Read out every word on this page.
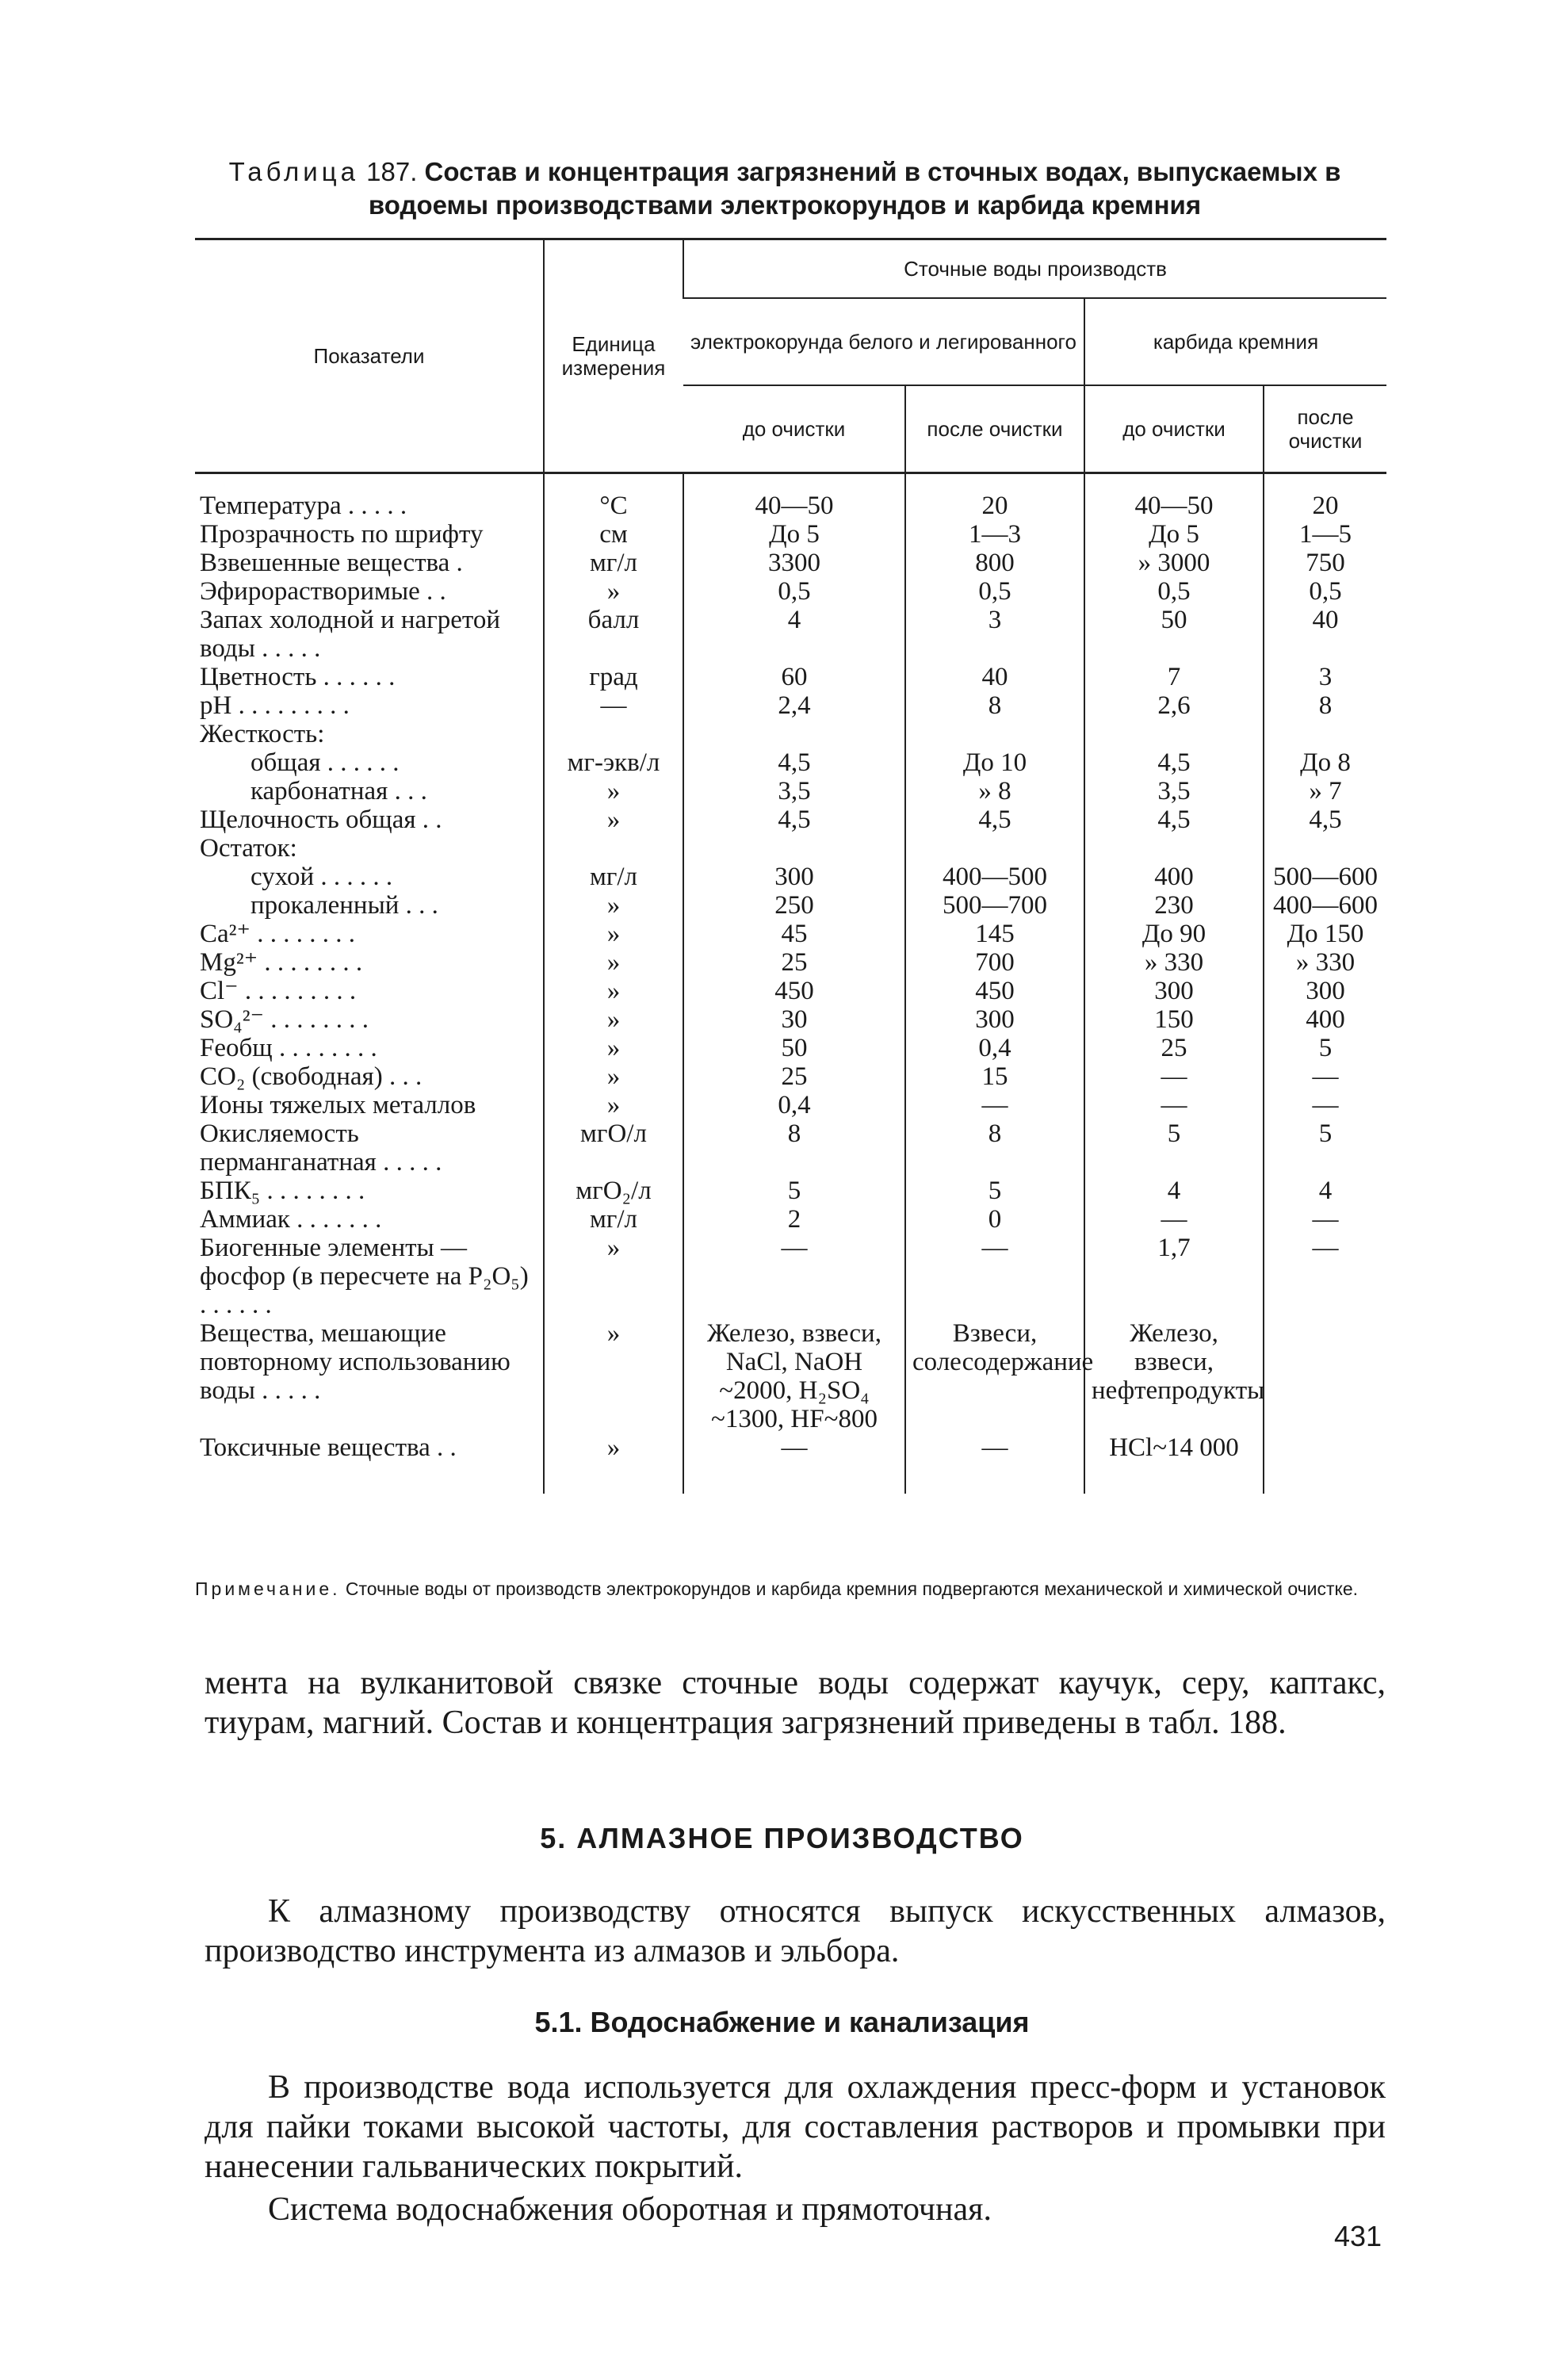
Таблица 187. Состав и концентрация загрязнений в сточных водах, выпускаемых в водоемы производствами электрокорундов и карбида кремния
Показатели	Единица измерения	Сточные воды производств			
		электрокорунда белого и легированного		карбида кремния	
		до очистки	после очистки	до очистки	после очистки
Температура . . . . .	°С	40—50	20	40—50	20
Прозрачность по шрифту	см	До 5	1—3	До 5	1—5
Взвешенные вещества .	мг/л	3300	800	» 3000	750
Эфирорастворимые . .	»	0,5	0,5	0,5	0,5
Запах холодной и нагретой воды . . . . .	балл	4	3	50	40
Цветность . . . . . .	град	60	40	7	3
pH . . . . . . . . .	—	2,4	8	2,6	8
Жесткость:					

общая . . . . . .	мг-экв/л	4,5	До 10	4,5	До 8

карбонатная . . .	»	3,5	» 8	3,5	» 7
Щелочность общая . .	»	4,5	4,5	4,5	4,5
Остаток:					

сухой . . . . . .	мг/л	300	400—500	400	500—600

прокаленный . . .	»	250	500—700	230	400—600
Ca²⁺ . . . . . . . .	»	45	145	До 90	До 150
Mg²⁺ . . . . . . . .	»	25	700	» 330	» 330
Cl⁻ . . . . . . . . .	»	450	450	300	300
SO₄²⁻ . . . . . . . .	»	30	300	150	400
Feобщ . . . . . . . .	»	50	0,4	25	5
CO₂ (свободная) . . .	»	25	15	—	—
Ионы тяжелых металлов	»	0,4	—	—	—
Окисляемость перманганатная . . . . .	мгО/л	8	8	5	5
БПК₅ . . . . . . . .	мгО₂/л	5	5	4	4
Аммиак . . . . . . .	мг/л	2	0	—	—
Биогенные элементы — фосфор (в пересчете на P₂O₅) . . . . . .	»	—	—	1,7	—
Вещества, мешающие повторному использованию воды . . . . .	»	Железо, взвеси, NaCl, NaOH ~2000, H₂SO₄ ~1300, HF~800	Взвеси, солесодержание	Железо, взвеси, нефтепродукты	
Токсичные вещества . .	»	—	—	HCl~14 000	
Примечание. Сточные воды от производств электрокорундов и карбида кремния подвергаются механической и химической очистке.

мента на вулканитовой связке сточные воды содержат каучук, серу, каптакс, тиурам, магний. Состав и концентрация загрязнений приведены в табл. 188.

5. АЛМАЗНОЕ ПРОИЗВОДСТВО

К алмазному производству относятся выпуск искусственных алмазов, производство инструмента из алмазов и эльбора.

5.1. Водоснабжение и канализация

В производстве вода используется для охлаждения пресс-форм и установок для пайки токами высокой частоты, для составления растворов и промывки при нанесении гальванических покрытий.

Система водоснабжения оборотная и прямоточная.

431
